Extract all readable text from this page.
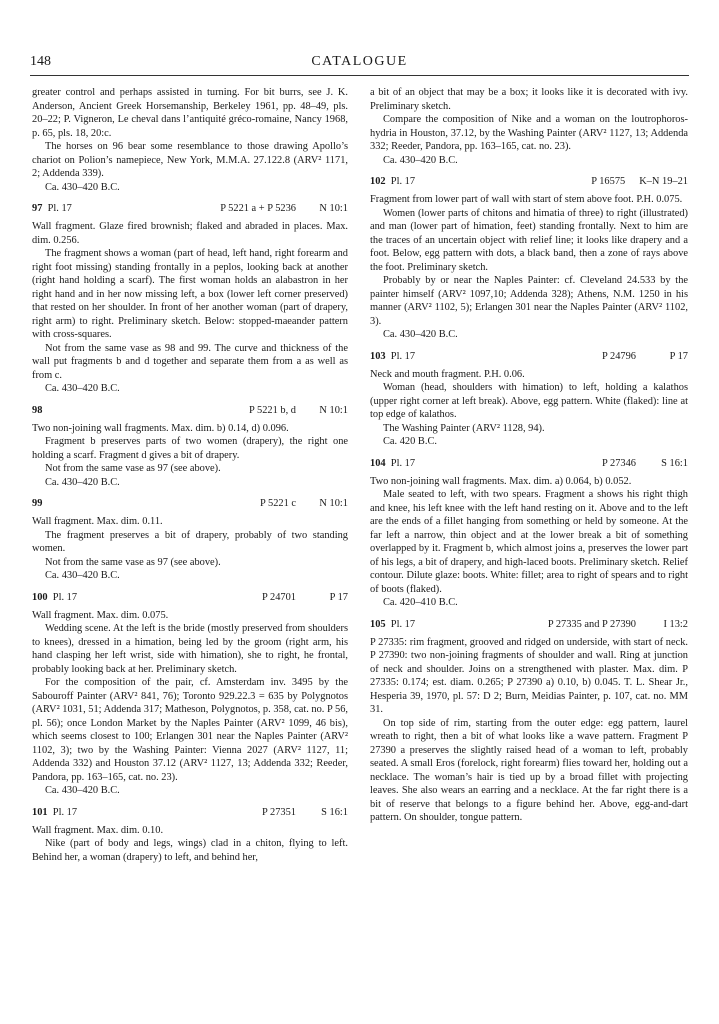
148	CATALOGUE

greater control and perhaps assisted in turning. For bit burrs, see J. K. Anderson, Ancient Greek Horsemanship, Berkeley 1961, pp. 48–49, pls. 20–22; P. Vigneron, Le cheval dans l’antiquité gréco-romaine, Nancy 1968, p. 65, pls. 18, 20:c.

The horses on 96 bear some resemblance to those drawing Apollo’s chariot on Polion’s namepiece, New York, M.M.A. 27.122.8 (ARV² 1171, 2; Addenda 339).

Ca. 430–420 B.C.

97 Pl. 17	P 5221 a + P 5236 N 10:1

Wall fragment. Glaze fired brownish; flaked and abraded in places. Max. dim. 0.256.

The fragment shows a woman (part of head, left hand, right forearm and right foot missing) standing frontally in a peplos, looking back at another (right hand holding a scarf). The first woman holds an alabastron in her right hand and in her now missing left, a box (lower left corner preserved) that rested on her shoulder. In front of her another woman (part of drapery, right arm) to right. Preliminary sketch. Below: stopped-maeander pattern with cross-squares.

Not from the same vase as 98 and 99. The curve and thickness of the wall put fragments b and d together and separate them from a as well as from c.

Ca. 430–420 B.C.

98	P 5221 b, d N 10:1

Two non-joining wall fragments. Max. dim. b) 0.14, d) 0.096.

Fragment b preserves parts of two women (drapery), the right one holding a scarf. Fragment d gives a bit of drapery.

Not from the same vase as 97 (see above).

Ca. 430–420 B.C.

99	P 5221 c N 10:1

Wall fragment. Max. dim. 0.11.

The fragment preserves a bit of drapery, probably of two standing women.

Not from the same vase as 97 (see above).

Ca. 430–420 B.C.

100 Pl. 17	P 24701	P 17

Wall fragment. Max. dim. 0.075.

Wedding scene. At the left is the bride (mostly preserved from shoulders to knees), dressed in a himation, being led by the groom (right arm, his hand clasping her left wrist, side with himation), she to right, he frontal, probably looking back at her. Preliminary sketch.

For the composition of the pair, cf. Amsterdam inv. 3495 by the Sabouroff Painter (ARV² 841, 76); Toronto 929.22.3 = 635 by Polygnotos (ARV² 1031, 51; Addenda 317; Matheson, Polygnotos, p. 358, cat. no. P 56, pl. 56); once London Market by the Naples Painter (ARV² 1099, 46 bis), which seems closest to 100; Erlangen 301 near the Naples Painter (ARV² 1102, 3); two by the Washing Painter: Vienna 2027 (ARV² 1127, 11; Addenda 332) and Houston 37.12 (ARV² 1127, 13; Addenda 332; Reeder, Pandora, pp. 163–165, cat. no. 23).

Ca. 430–420 B.C.

101 Pl. 17	P 27351 S 16:1

Wall fragment. Max. dim. 0.10.

Nike (part of body and legs, wings) clad in a chiton, flying to left. Behind her, a woman (drapery) to left, and behind her,

a bit of an object that may be a box; it looks like it is decorated with ivy. Preliminary sketch.

Compare the composition of Nike and a woman on the loutrophoros-hydria in Houston, 37.12, by the Washing Painter (ARV² 1127, 13; Addenda 332; Reeder, Pandora, pp. 163–165, cat. no. 23).

Ca. 430–420 B.C.

102 Pl. 17	P 16575 K–N 19–21

Fragment from lower part of wall with start of stem above foot. P.H. 0.075.

Women (lower parts of chitons and himatia of three) to right (illustrated) and man (lower part of himation, feet) standing frontally. Next to him are the traces of an uncertain object with relief line; it looks like drapery and a foot. Below, egg pattern with dots, a black band, then a zone of rays above the foot. Preliminary sketch.

Probably by or near the Naples Painter: cf. Cleveland 24.533 by the painter himself (ARV² 1097,10; Addenda 328); Athens, N.M. 1250 in his manner (ARV² 1102, 5); Erlangen 301 near the Naples Painter (ARV² 1102, 3).

Ca. 430–420 B.C.

103 Pl. 17	P 24796	P 17

Neck and mouth fragment. P.H. 0.06.

Woman (head, shoulders with himation) to left, holding a kalathos (upper right corner at left break). Above, egg pattern. White (flaked): line at top edge of kalathos.

The Washing Painter (ARV² 1128, 94).

Ca. 420 B.C.

104 Pl. 17	P 27346 S 16:1

Two non-joining wall fragments. Max. dim. a) 0.064, b) 0.052.

Male seated to left, with two spears. Fragment a shows his right thigh and knee, his left knee with the left hand resting on it. Above and to the left are the ends of a fillet hanging from something or held by someone. At the far left a narrow, thin object and at the lower break a bit of something overlapped by it. Fragment b, which almost joins a, preserves the lower part of his legs, a bit of drapery, and high-laced boots. Preliminary sketch. Relief contour. Dilute glaze: boots. White: fillet; area to right of spears and to right of boots (flaked).

Ca. 420–410 B.C.

105 Pl. 17	P 27335 and P 27390	I 13:2

P 27335: rim fragment, grooved and ridged on underside, with start of neck. P 27390: two non-joining fragments of shoulder and wall. Ring at junction of neck and shoulder. Joins on a strengthened with plaster. Max. dim. P 27335: 0.174; est. diam. 0.265; P 27390 a) 0.10, b) 0.045. T. L. Shear Jr., Hesperia 39, 1970, pl. 57: D 2; Burn, Meidias Painter, p. 107, cat. no. MM 31.

On top side of rim, starting from the outer edge: egg pattern, laurel wreath to right, then a bit of what looks like a wave pattern. Fragment P 27390 a preserves the slightly raised head of a woman to left, probably seated. A small Eros (forelock, right forearm) flies toward her, holding out a necklace. The woman’s hair is tied up by a broad fillet with projecting leaves. She also wears an earring and a necklace. At the far right there is a bit of reserve that belongs to a figure behind her. Above, egg-and-dart pattern. On shoulder, tongue pattern.
